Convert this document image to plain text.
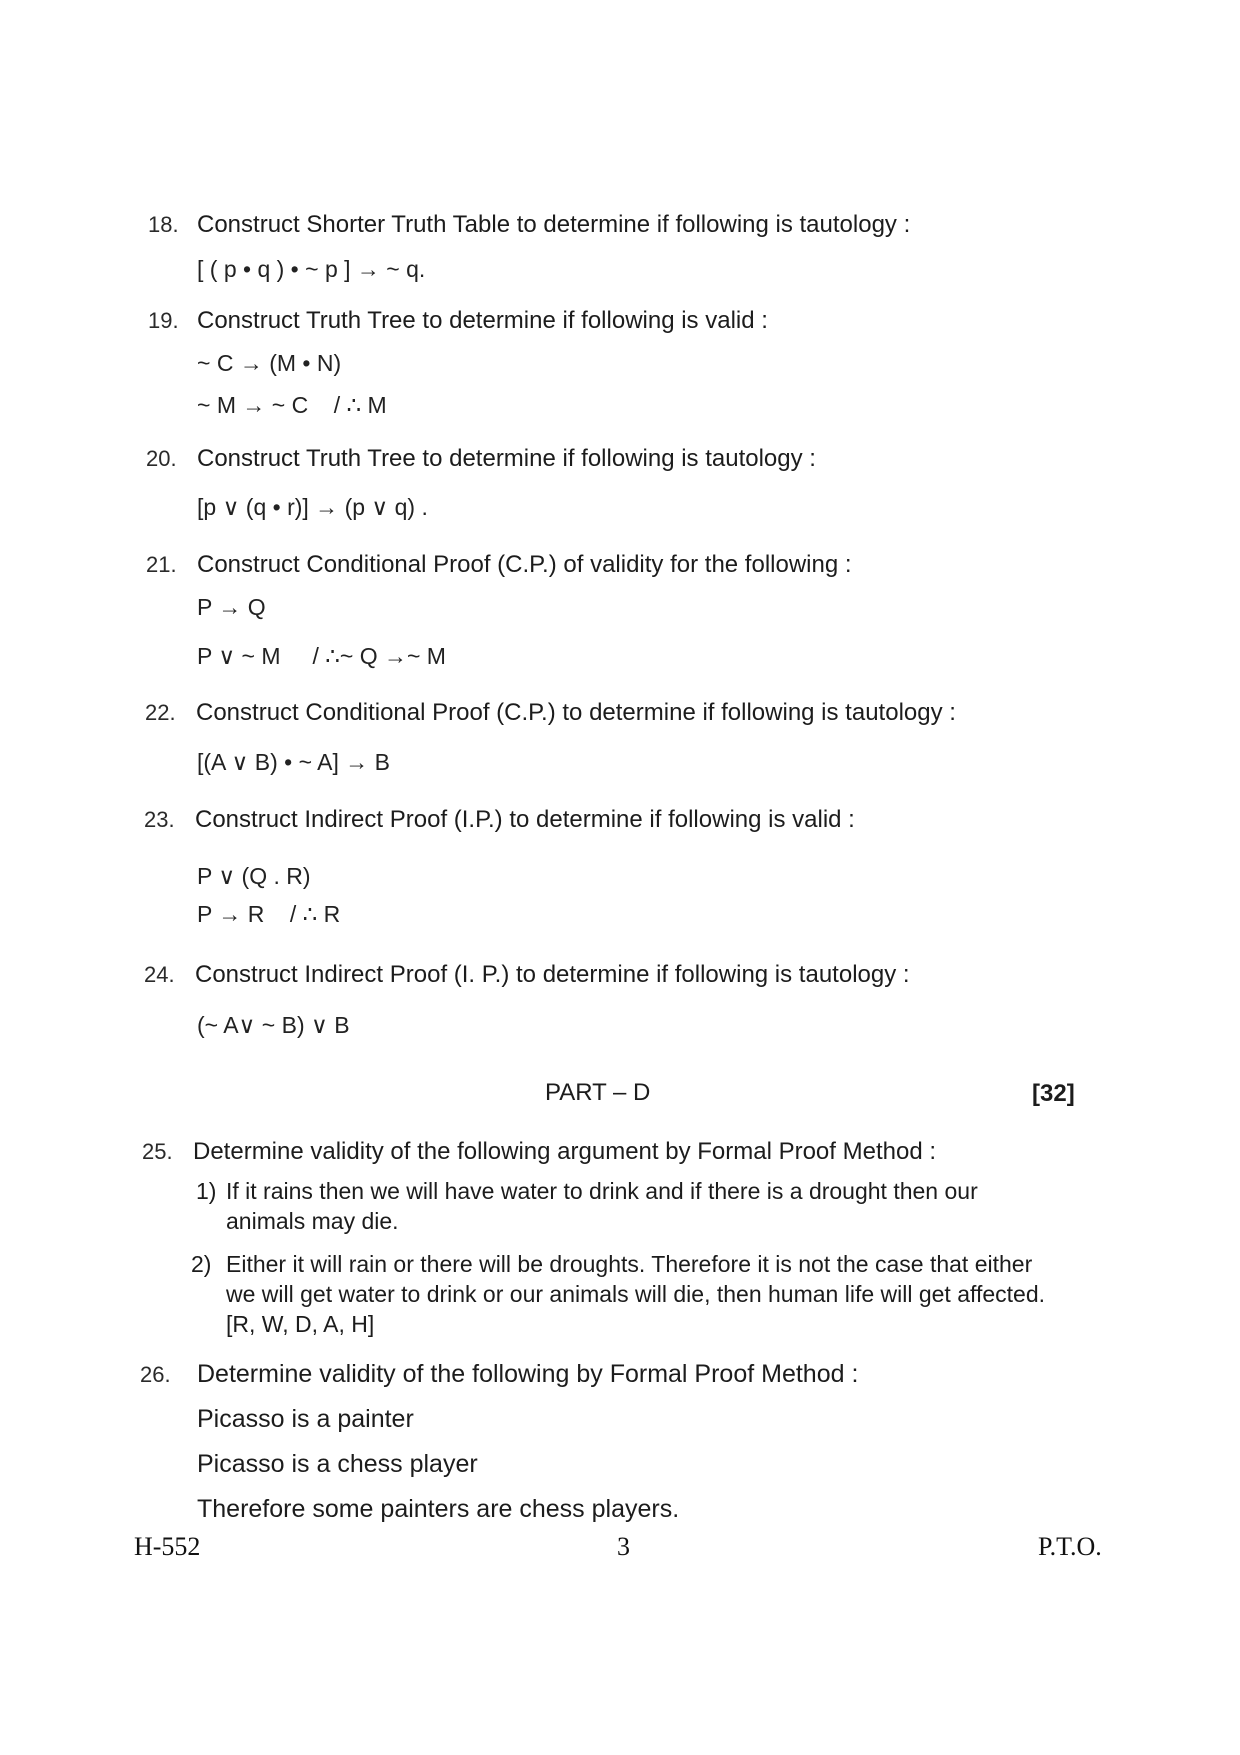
18. Construct Shorter Truth Table to determine if following is tautology :
[ ( p • q ) • ~ p ] → ~ q.
19. Construct Truth Tree to determine if following is valid :
~ C → (M • N)
~ M → ~ C    / ∴ M
20. Construct Truth Tree to determine if following is tautology :
[p ∨ (q • r)] → (p ∨ q) .
21. Construct Conditional Proof (C.P.) of validity for the following :
P → Q
P ∨ ~ M     / ∴~ Q →~ M
22. Construct Conditional Proof (C.P.) to determine if following is tautology :
[(A ∨ B) • ~ A] → B
23. Construct Indirect Proof (I.P.) to determine if following is valid :
P ∨ (Q . R)
P → R    / ∴ R
24. Construct Indirect Proof (I. P.) to determine if following is tautology :
(~ A∨ ~ B) ∨ B
PART – D	[32]
25. Determine validity of the following argument by Formal Proof Method :
1) If it rains then we will have water to drink and if there is a drought then our animals may die.
2) Either it will rain or there will be droughts. Therefore it is not the case that either we will get water to drink or our animals will die, then human life will get affected. [R, W, D, A, H]
26. Determine validity of the following by Formal Proof Method :
Picasso is a painter
Picasso is a chess player
Therefore some painters are chess players.
H-552	3	P.T.O.
